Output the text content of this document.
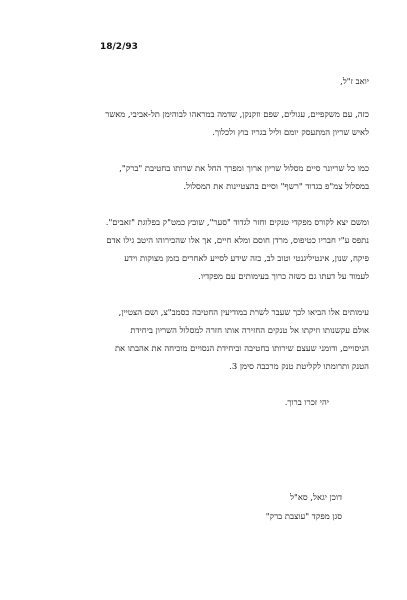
18/2/93

יואב ז"ל,

כזה, עם משקפיים, עגולים, שפם וזקנקן, שדמה במראהו לבוהימן תל-אביבי, מאשר
לאיש שריון המתעסק יומם וליל בגריז בוץ ולכלוך.

כמו כל שריונר סיים מסלול שריון ארוך ומפרך החל את שרותו בחטיבת "ברק",
במסלול צמ"פ בגדוד "רשף" וסיים בהצטיינות את המסלול.

ומשם יצא לקורס מפקדי טנקים וחזר לגדוד "סער", שובץ כמט"ק בפלוגת "זאבים".
נתפס ע"י חבריו כטיפוס, מרדן חוסם ומלא חיים, אך אלו שהכירוהו היטב גילו אדם
פיקח, שנון, אינטיליגנטי וטוב לב, כזה שידע לסייע לאחרים בזמן מצוקות וידע
לעמוד על דעתו גם כשזה כרוך בעימותים עם מפקדיו.

עימותים אלו הביאו לכך שעבר לשרת במודיעין החטיבה כסמב"צ, ושם הצטיין,
אולם עקשנותו וזיקתו אל טנקים החזירה אותו חזרה למסלול השריון ביחידת
הניסויים, ודומני שעצם שירותו בחטיבה וביחידת הנסויים מוכיחה את אהבתו את
הטנק ותרומתו לקליטת טנק מרכבה סימן 3.

יהי זכרו ברוך.

דוכן יגאל, סא"ל
סגן מפקד "עוצבת ברק"
